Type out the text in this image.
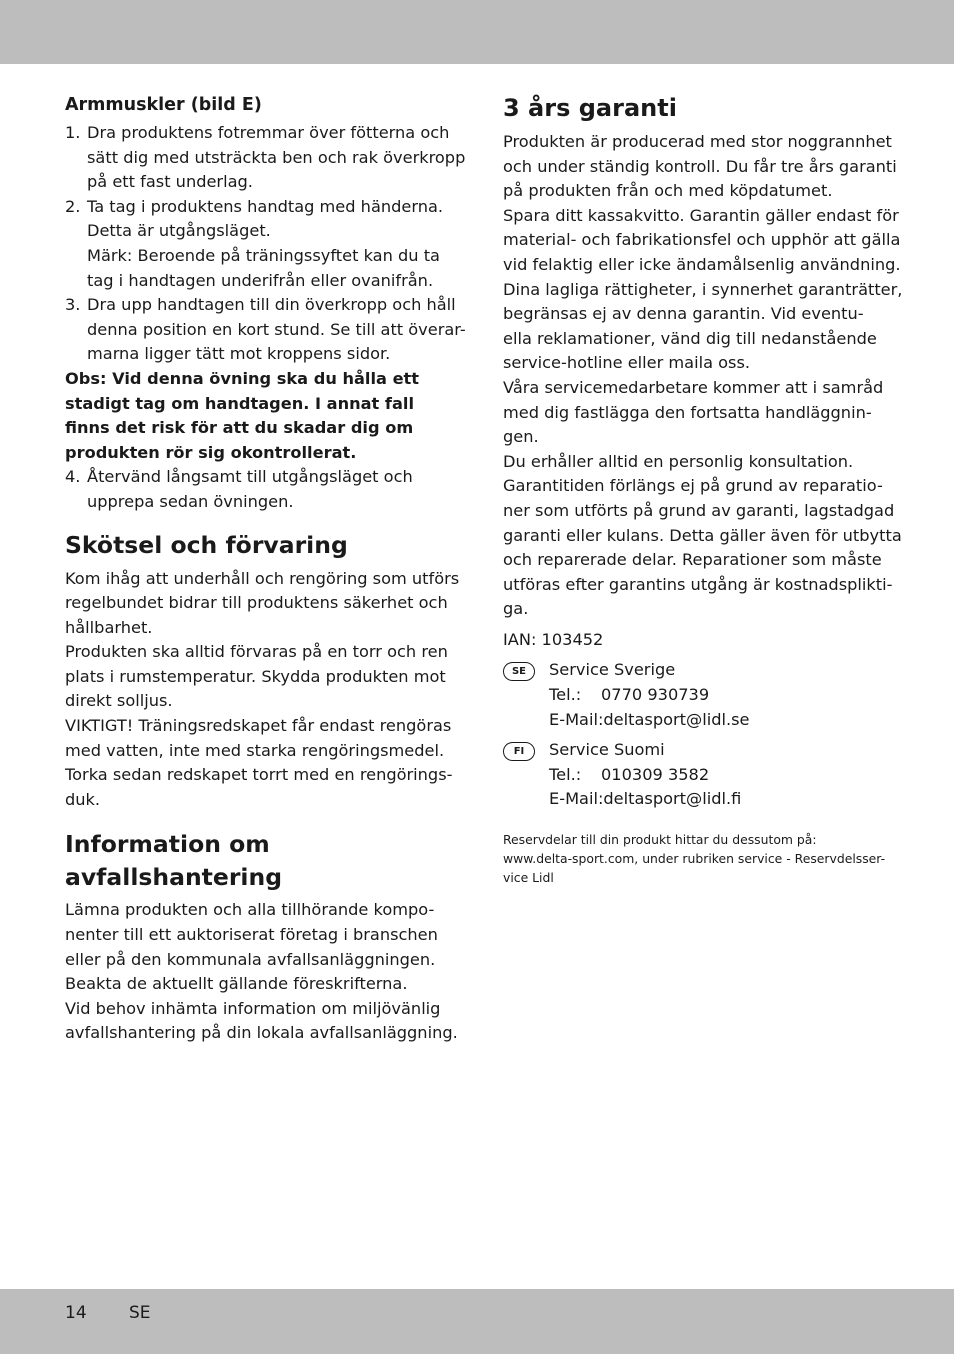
Armmuskler (bild E)

1. Dra produktens fotremmar över fötterna och
sätt dig med utsträckta ben och rak överkropp
på ett fast underlag.
2. Ta tag i produktens handtag med händerna.
Detta är utgångsläget.
Märk: Beroende på träningssyftet kan du ta
tag i handtagen underifrån eller ovanifrån.
3. Dra upp handtagen till din överkropp och håll
denna position en kort stund. Se till att överar-
marna ligger tätt mot kroppens sidor.

Obs: Vid denna övning ska du hålla ett

stadigt tag om handtagen. I annat fall

finns det risk för att du skadar dig om

produkten rör sig okontrollerat.

4. Återvänd långsamt till utgångsläget och
upprepa sedan övningen.

Skötsel och förvaring

Kom ihåg att underhåll och rengöring som utförs

regelbundet bidrar till produktens säkerhet och

hållbarhet.

Produkten ska alltid förvaras på en torr och ren

plats i rumstemperatur. Skydda produkten mot

direkt solljus.

VIKTIGT! Träningsredskapet får endast rengöras

med vatten, inte med starka rengöringsmedel.

Torka sedan redskapet torrt med en rengörings-

duk.

Information om

avfallshantering

Lämna produkten och alla tillhörande kompo-

nenter till ett auktoriserat företag i branschen

eller på den kommunala avfallsanläggningen.

Beakta de aktuellt gällande föreskrifterna.

Vid behov inhämta information om miljövänlig

avfallshantering på din lokala avfallsanläggning.

3 års garanti

Produkten är producerad med stor noggrannhet

och under ständig kontroll. Du får tre års garanti

på produkten från och med köpdatumet.

Spara ditt kassakvitto. Garantin gäller endast för

material- och fabrikationsfel och upphör att gälla

vid felaktig eller icke ändamålsenlig användning.

Dina lagliga rättigheter, i synnerhet garanträtter,

begränsas ej av denna garantin. Vid eventu-

ella reklamationer, vänd dig till nedanstående

service-hotline eller maila oss.

Våra servicemedarbetare kommer att i samråd

med dig fastlägga den fortsatta handläggnin-

gen.

Du erhåller alltid en personlig konsultation.

Garantitiden förlängs ej på grund av reparatio-

ner som utförts på grund av garanti, lagstadgad

garanti eller kulans. Detta gäller även för utbytta

och reparerade delar. Reparationer som måste

utföras efter garantins utgång är kostnadsplikti-

ga.

IAN: 103452

SE	Service Sverige

Tel.: 0770 930739

E-Mail:deltasport@lidl.se

FI	Service Suomi

Tel.: 010309 3582

E-Mail:deltasport@lidl.fi

Reservdelar till din produkt hittar du dessutom på:

www.delta-sport.com, under rubriken service - Reservdelsser-

vice Lidl

14 SE
